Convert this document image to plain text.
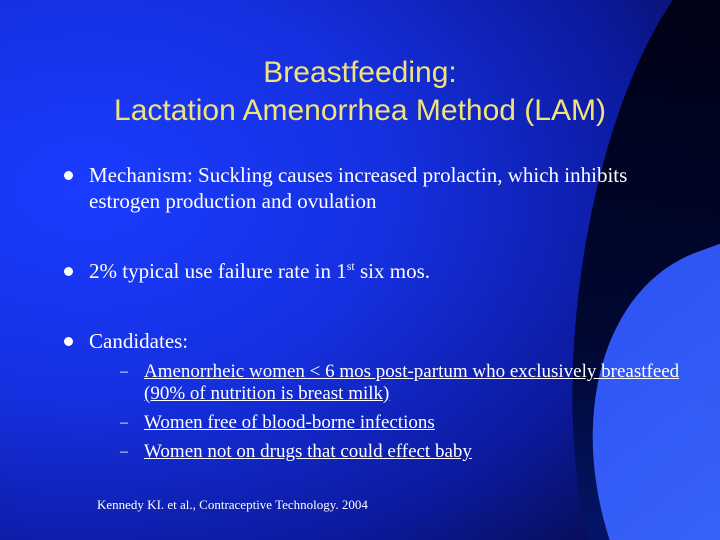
Breastfeeding:
Lactation Amenorrhea Method (LAM)
Mechanism: Suckling causes increased prolactin, which inhibits estrogen production and ovulation
2% typical use failure rate in 1st six mos.
Candidates:
– Amenorrheic women < 6 mos post-partum who exclusively breastfeed (90% of nutrition is breast milk)
– Women free of blood-borne infections
– Women not on drugs that could effect baby
Kennedy KI. et al., Contraceptive Technology. 2004
